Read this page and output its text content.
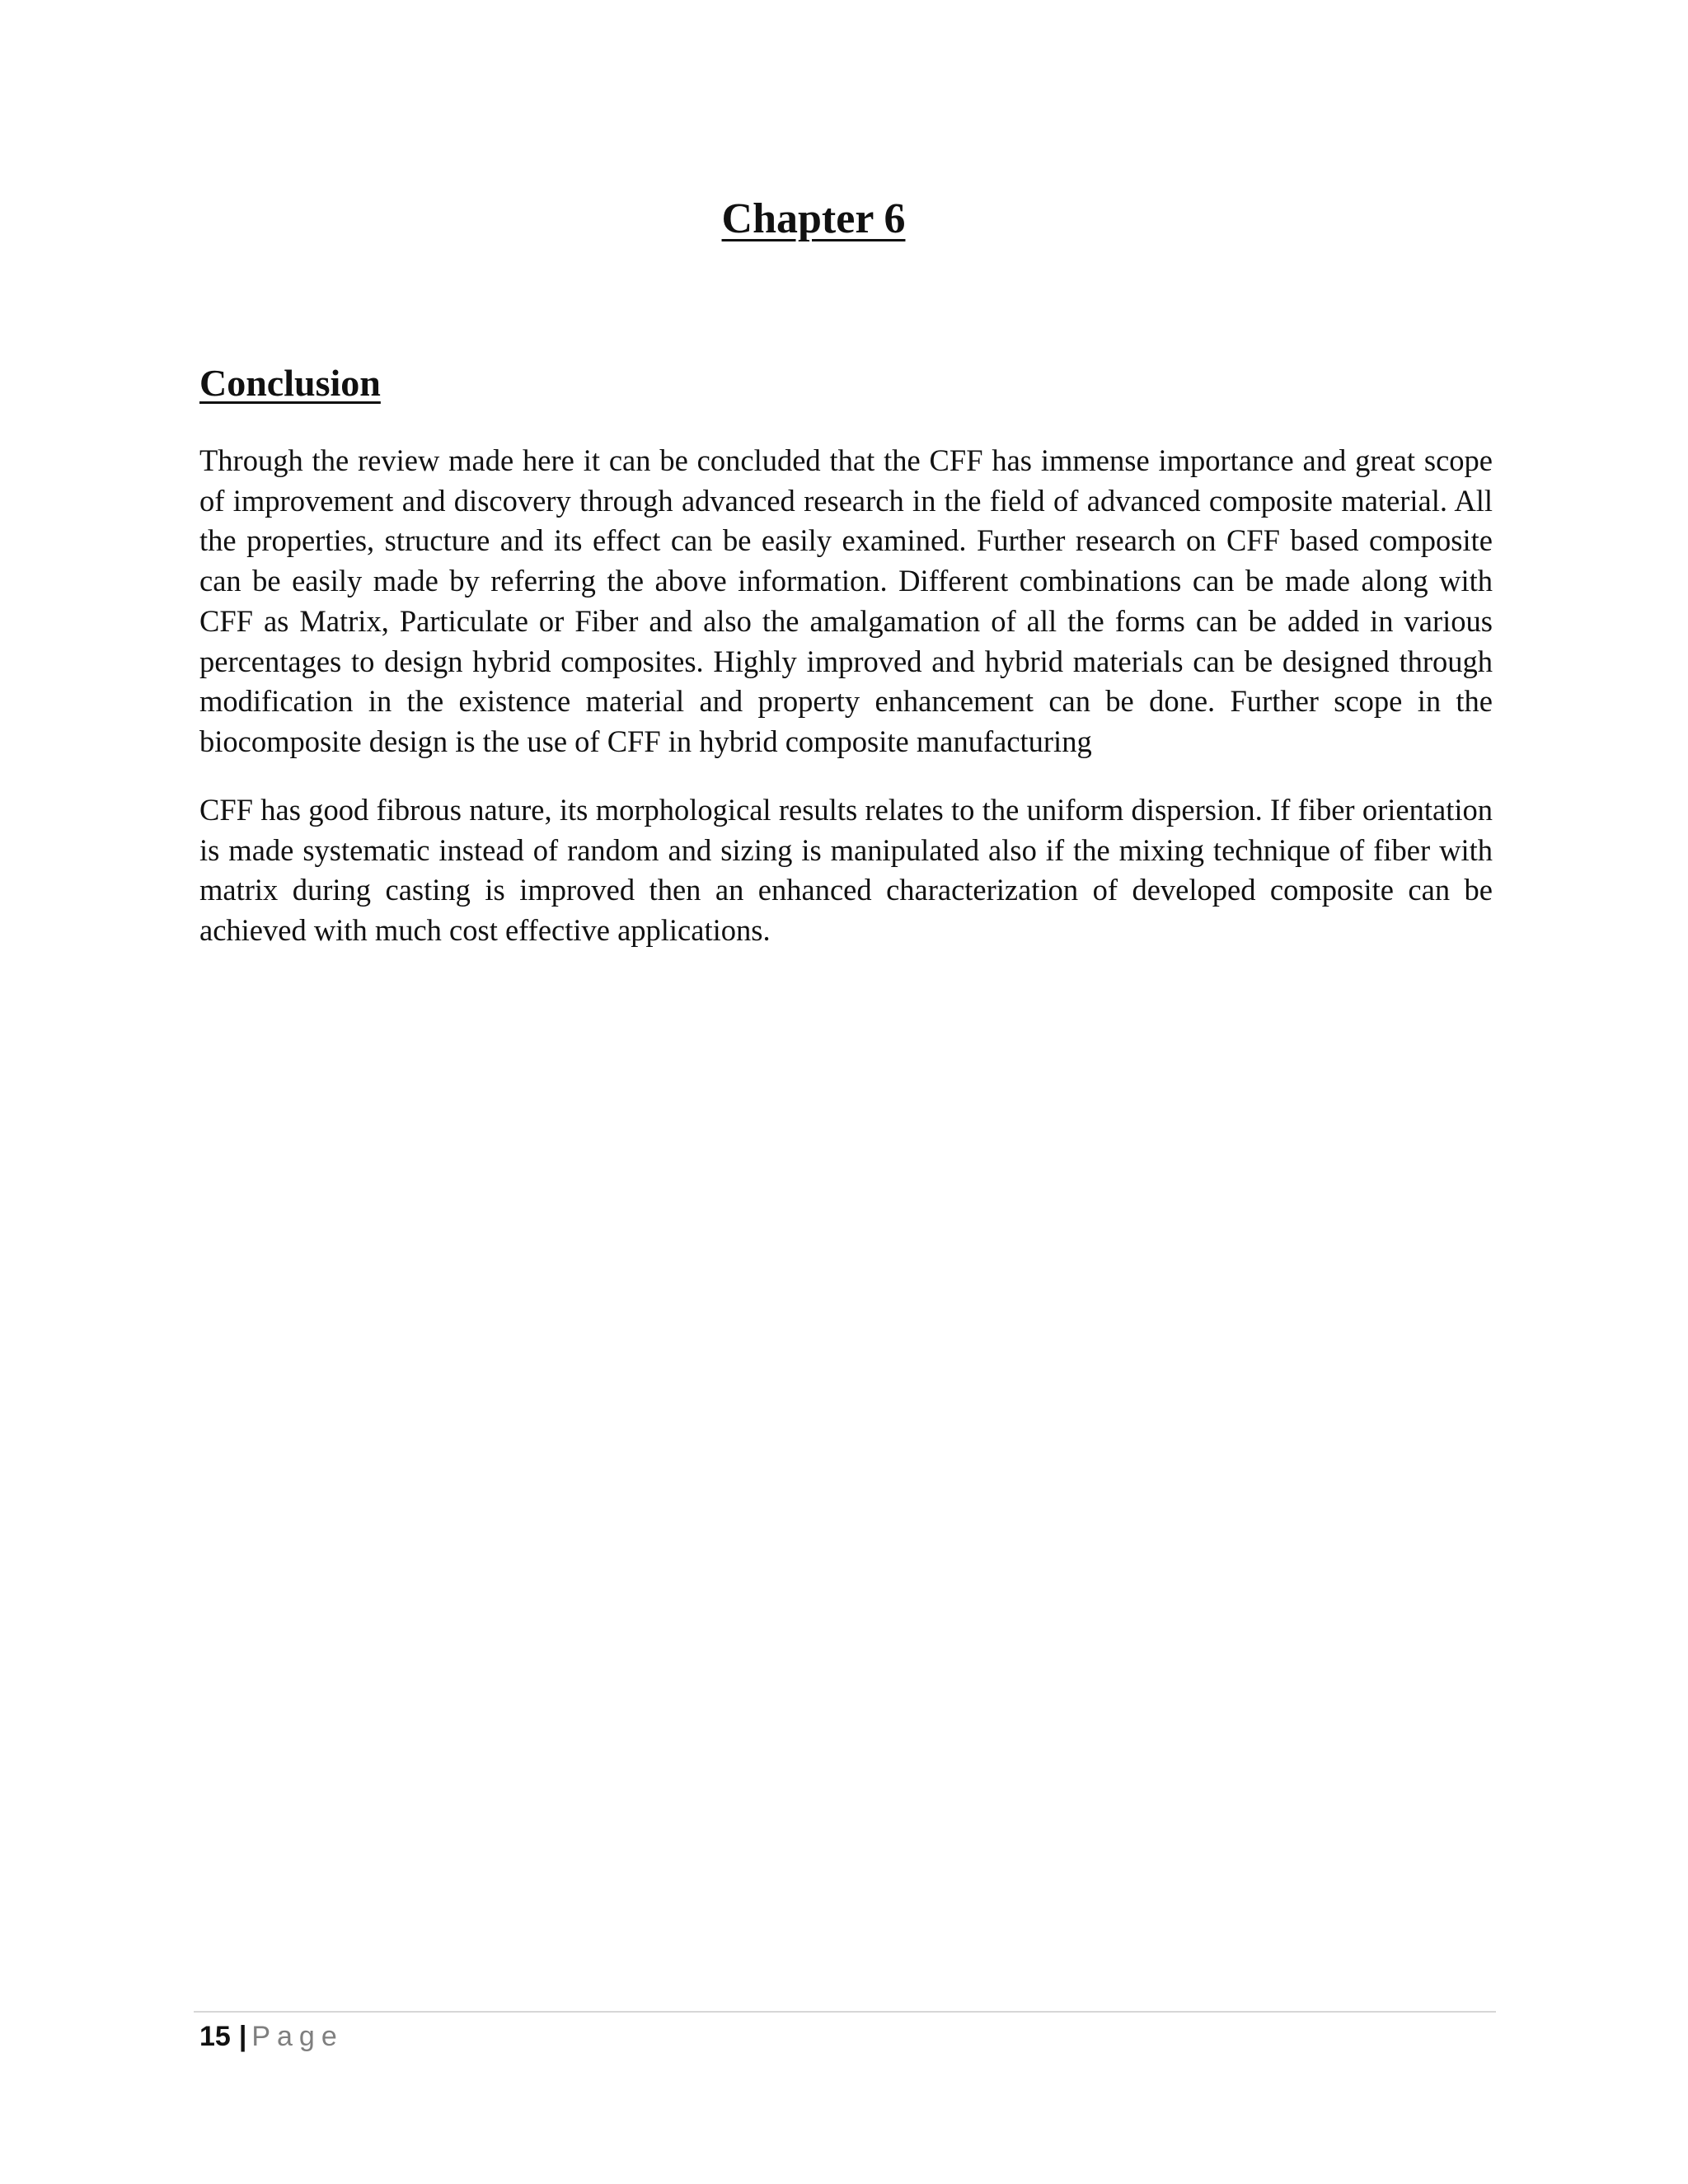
Chapter 6
Conclusion

Through the review made here it can be concluded that the CFF has immense importance and great scope of improvement and discovery through advanced research in the field of advanced composite material. All the properties, structure and its effect can be easily examined. Further research on CFF based composite can be easily made by referring the above information. Different combinations can be made along with CFF as Matrix, Particulate or Fiber and also the amalgamation of all the forms can be added in various percentages to design hybrid composites. Highly improved and hybrid materials can be designed through modification in the existence material and property enhancement can be done. Further scope in the biocomposite design is the use of CFF in hybrid composite manufacturing

CFF has good fibrous nature, its morphological results relates to the uniform dispersion. If fiber orientation is made systematic instead of random and sizing is manipulated also if the mixing technique of fiber with matrix during casting is improved then an enhanced characterization of developed composite can be achieved with much cost effective applications.

15 | Page
